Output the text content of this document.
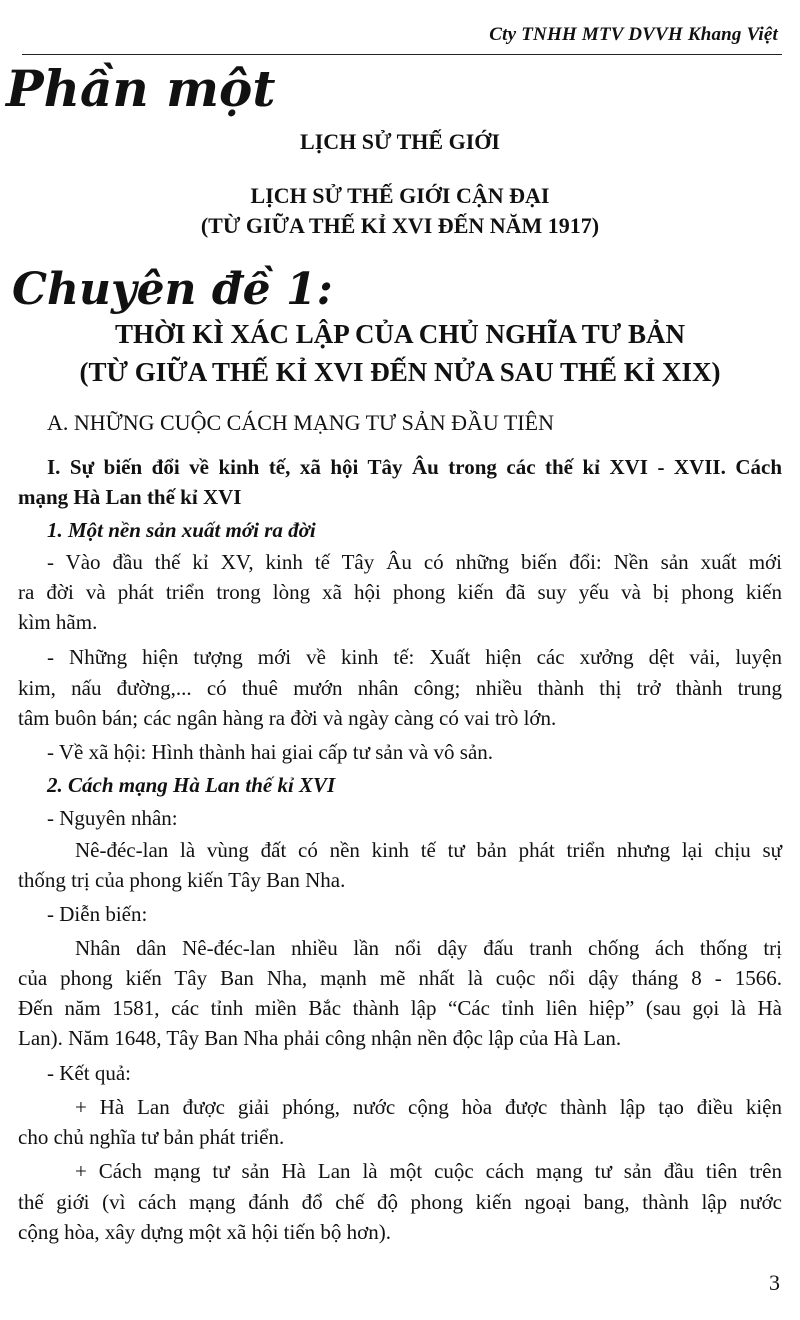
Cty TNHH MTV DVVH Khang Việt
Phần một
LỊCH SỬ THẾ GIỚI
LỊCH SỬ THẾ GIỚI CẬN ĐẠI
(TỪ GIỮA THẾ KỈ XVI ĐẾN NĂM 1917)
Chuyên đề 1:
THỜI KÌ XÁC LẬP CỦA CHỦ NGHĨA TƯ BẢN
(TỪ GIỮA THẾ KỈ XVI ĐẾN NỬA SAU THẾ KỈ XIX)
A. NHỮNG CUỘC CÁCH MẠNG TƯ SẢN ĐẦU TIÊN
I. Sự biến đổi về kinh tế, xã hội Tây Âu trong các thế kỉ XVI - XVII. Cách
mạng Hà Lan thế kỉ XVI
1. Một nền sản xuất mới ra đời
- Vào đầu thế kỉ XV, kinh tế Tây Âu có những biến đổi: Nền sản xuất mới
ra đời và phát triển trong lòng xã hội phong kiến đã suy yếu và bị phong kiến
kìm hãm.
- Những hiện tượng mới về kinh tế: Xuất hiện các xưởng dệt vải, luyện
kim, nấu đường,... có thuê mướn nhân công; nhiều thành thị trở thành trung
tâm buôn bán; các ngân hàng ra đời và ngày càng có vai trò lớn.
- Về xã hội: Hình thành hai giai cấp tư sản và vô sản.
2. Cách mạng Hà Lan thế kỉ XVI
- Nguyên nhân:
Nê-đéc-lan là vùng đất có nền kinh tế tư bản phát triển nhưng lại chịu sự
thống trị của phong kiến Tây Ban Nha.
- Diễn biến:
Nhân dân Nê-đéc-lan nhiều lần nổi dậy đấu tranh chống ách thống trị
của phong kiến Tây Ban Nha, mạnh mẽ nhất là cuộc nổi dậy tháng 8 - 1566.
Đến năm 1581, các tỉnh miền Bắc thành lập “Các tỉnh liên hiệp” (sau gọi là Hà
Lan). Năm 1648, Tây Ban Nha phải công nhận nền độc lập của Hà Lan.
- Kết quả:
+ Hà Lan được giải phóng, nước cộng hòa được thành lập tạo điều kiện
cho chủ nghĩa tư bản phát triển.
+ Cách mạng tư sản Hà Lan là một cuộc cách mạng tư sản đầu tiên trên
thế giới (vì cách mạng đánh đổ chế độ phong kiến ngoại bang, thành lập nước
cộng hòa, xây dựng một xã hội tiến bộ hơn).
3
